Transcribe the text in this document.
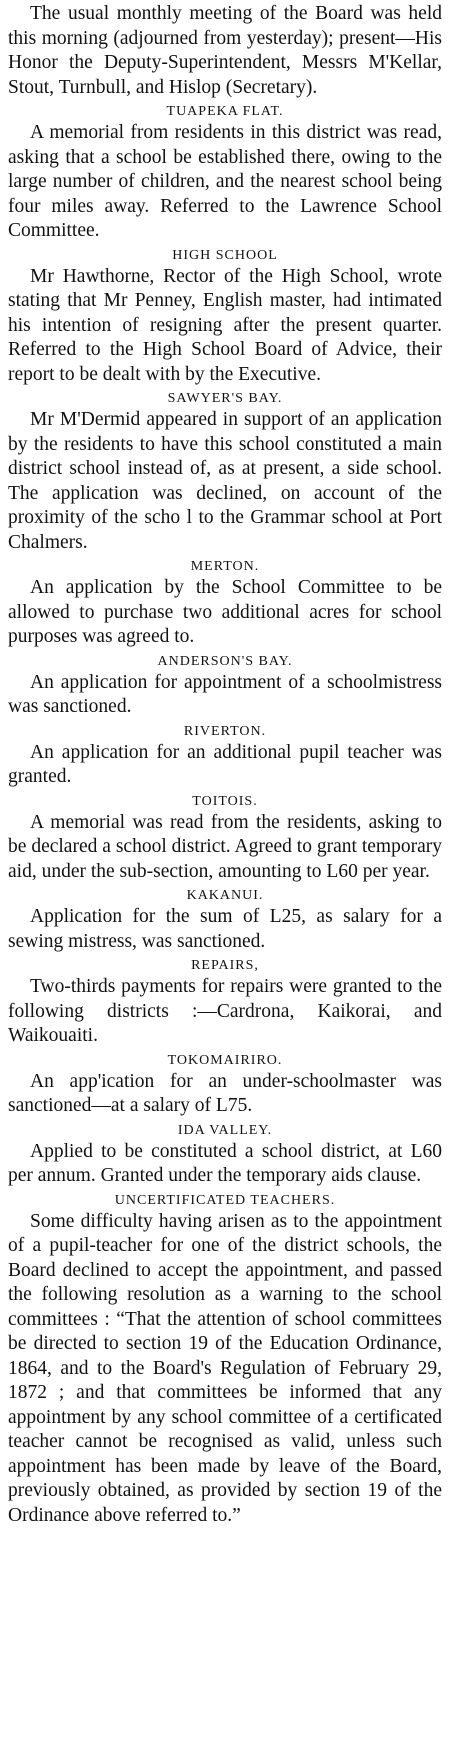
The usual monthly meeting of the Board was held this morning (adjourned from yesterday); present—His Honor the Deputy-Superintendent, Messrs M'Kellar, Stout, Turnbull, and Hislop (Secretary).

TUAPEKA FLAT.

A memorial from residents in this district was read, asking that a school be established there, owing to the large number of children, and the nearest school being four miles away. Referred to the Lawrence School Committee.

HIGH SCHOOL

Mr Hawthorne, Rector of the High School, wrote stating that Mr Penney, English master, had intimated his intention of resigning after the present quarter. Referred to the High School Board of Advice, their report to be dealt with by the Executive.

SAWYER'S BAY.

Mr M'Dermid appeared in support of an application by the residents to have this school constituted a main district school instead of, as at present, a side school. The application was declined, on account of the proximity of the scho l to the Grammar school at Port Chalmers.

MERTON.

An application by the School Committee to be allowed to purchase two additional acres for school purposes was agreed to.

ANDERSON'S BAY.

An application for appointment of a schoolmistress was sanctioned.

RIVERTON.

An application for an additional pupil teacher was granted.

TOITOIS.

A memorial was read from the residents, asking to be declared a school district. Agreed to grant temporary aid, under the sub-section, amounting to L60 per year.

KAKANUI.

Application for the sum of L25, as salary for a sewing mistress, was sanctioned.

REPAIRS,

Two-thirds payments for repairs were granted to the following districts :—Cardrona, Kaikorai, and Waikouaiti.

TOKOMAIRIRO.

An app'ication for an under-schoolmaster was sanctioned—at a salary of L75.

IDA VALLEY.

Applied to be constituted a school district, at L60 per annum. Granted under the temporary aids clause.

UNCERTIFICATED TEACHERS.

Some difficulty having arisen as to the appointment of a pupil-teacher for one of the district schools, the Board declined to accept the appointment, and passed the following resolution as a warning to the school committees : “That the attention of school committees be directed to section 19 of the Education Ordinance, 1864, and to the Board's Regulation of February 29, 1872 ; and that committees be informed that any appointment by any school committee of a certificated teacher cannot be recognised as valid, unless such appointment has been made by leave of the Board, previously obtained, as provided by section 19 of the Ordinance above referred to.”
